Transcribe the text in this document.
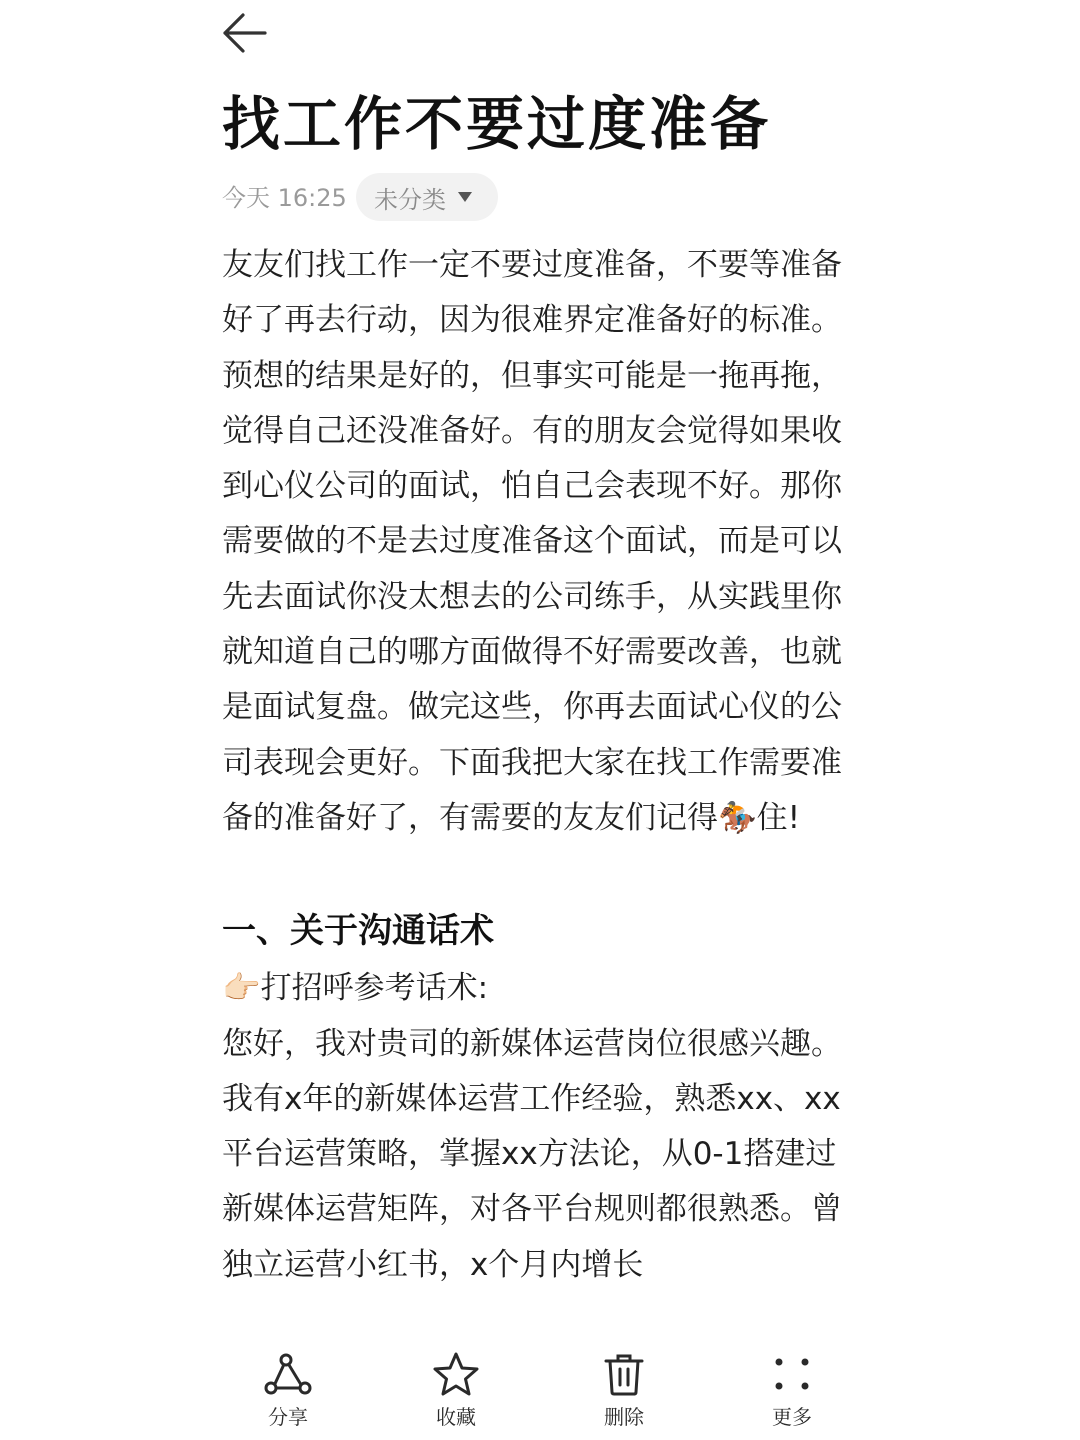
找工作不要过度准备
今天 16:25 未分类

友友们找工作一定不要过度准备，不要等准备好了再去行动，因为很难界定准备好的标准。预想的结果是好的，但事实可能是一拖再拖，觉得自己还没准备好。有的朋友会觉得如果收到心仪公司的面试，怕自己会表现不好。那你需要做的不是去过度准备这个面试，而是可以先去面试你没太想去的公司练手，从实践里你就知道自己的哪方面做得不好需要改善，也就是面试复盘。做完这些，你再去面试心仪的公司表现会更好。下面我把大家在找工作需要准备的准备好了，有需要的友友们记得🏇住!

一、关于沟通话术

👉🏻打招呼参考话术:

您好，我对贵司的新媒体运营岗位很感兴趣。我有x年的新媒体运营工作经验，熟悉xx、xx平台运营策略，掌握xx方法论，从0-1搭建过新媒体运营矩阵，对各平台规则都很熟悉。曾独立运营小红书，x个月内增长

分享	收藏	删除	更多
